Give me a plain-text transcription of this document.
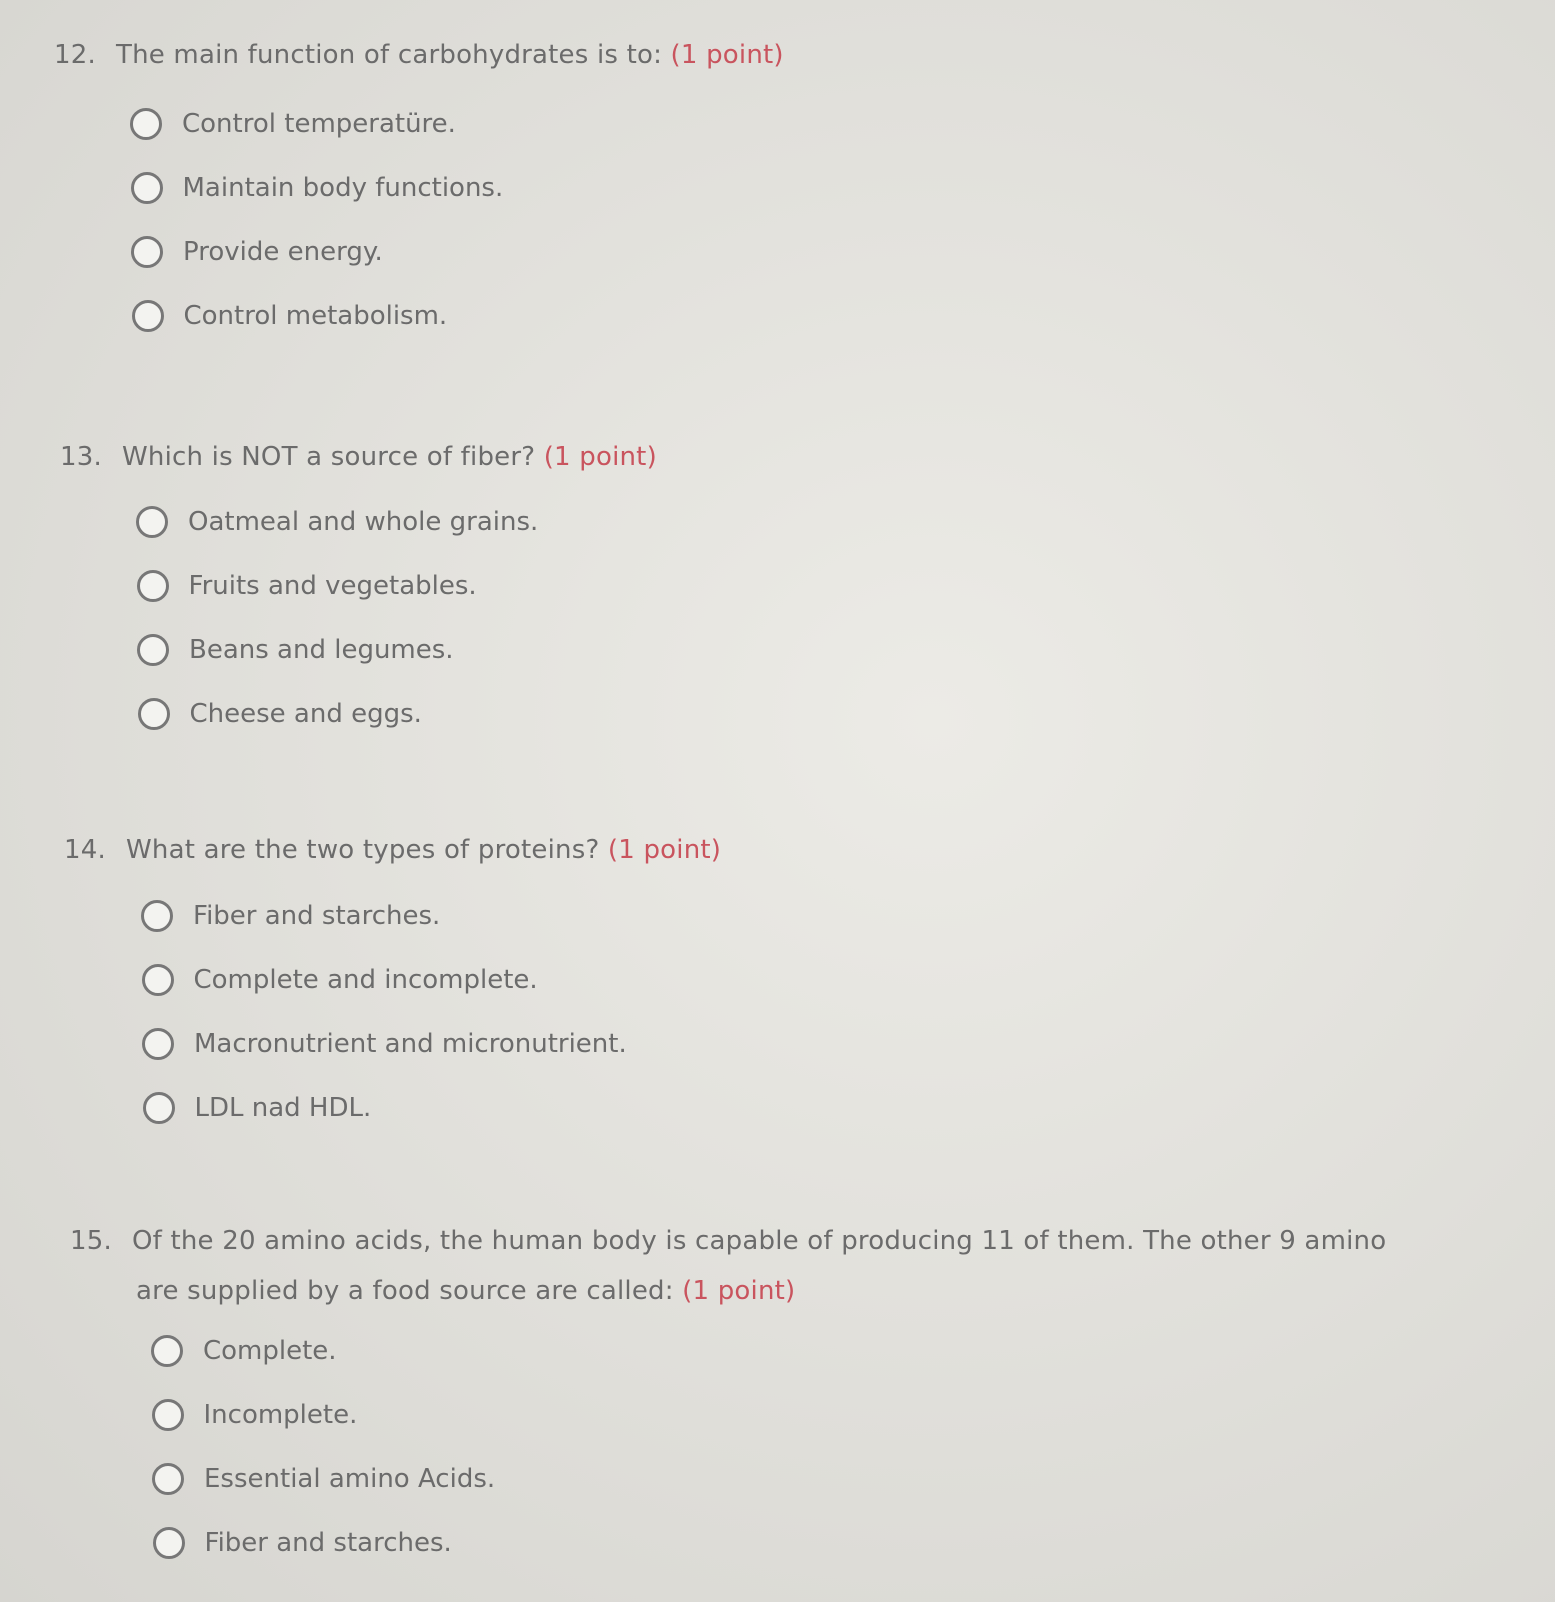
12. The main function of carbohydrates is to: (1 point)
Control temperatüre.
Maintain body functions.
Provide energy.
Control metabolism.
13. Which is NOT a source of fiber? (1 point)
Oatmeal and whole grains.
Fruits and vegetables.
Beans and legumes.
Cheese and eggs.
14. What are the two types of proteins? (1 point)
Fiber and starches.
Complete and incomplete.
Macronutrient and micronutrient.
LDL nad HDL.
15. Of the 20 amino acids, the human body is capable of producing 11 of them. The other 9 amino
are supplied by a food source are called: (1 point)
Complete.
Incomplete.
Essential amino Acids.
Fiber and starches.
